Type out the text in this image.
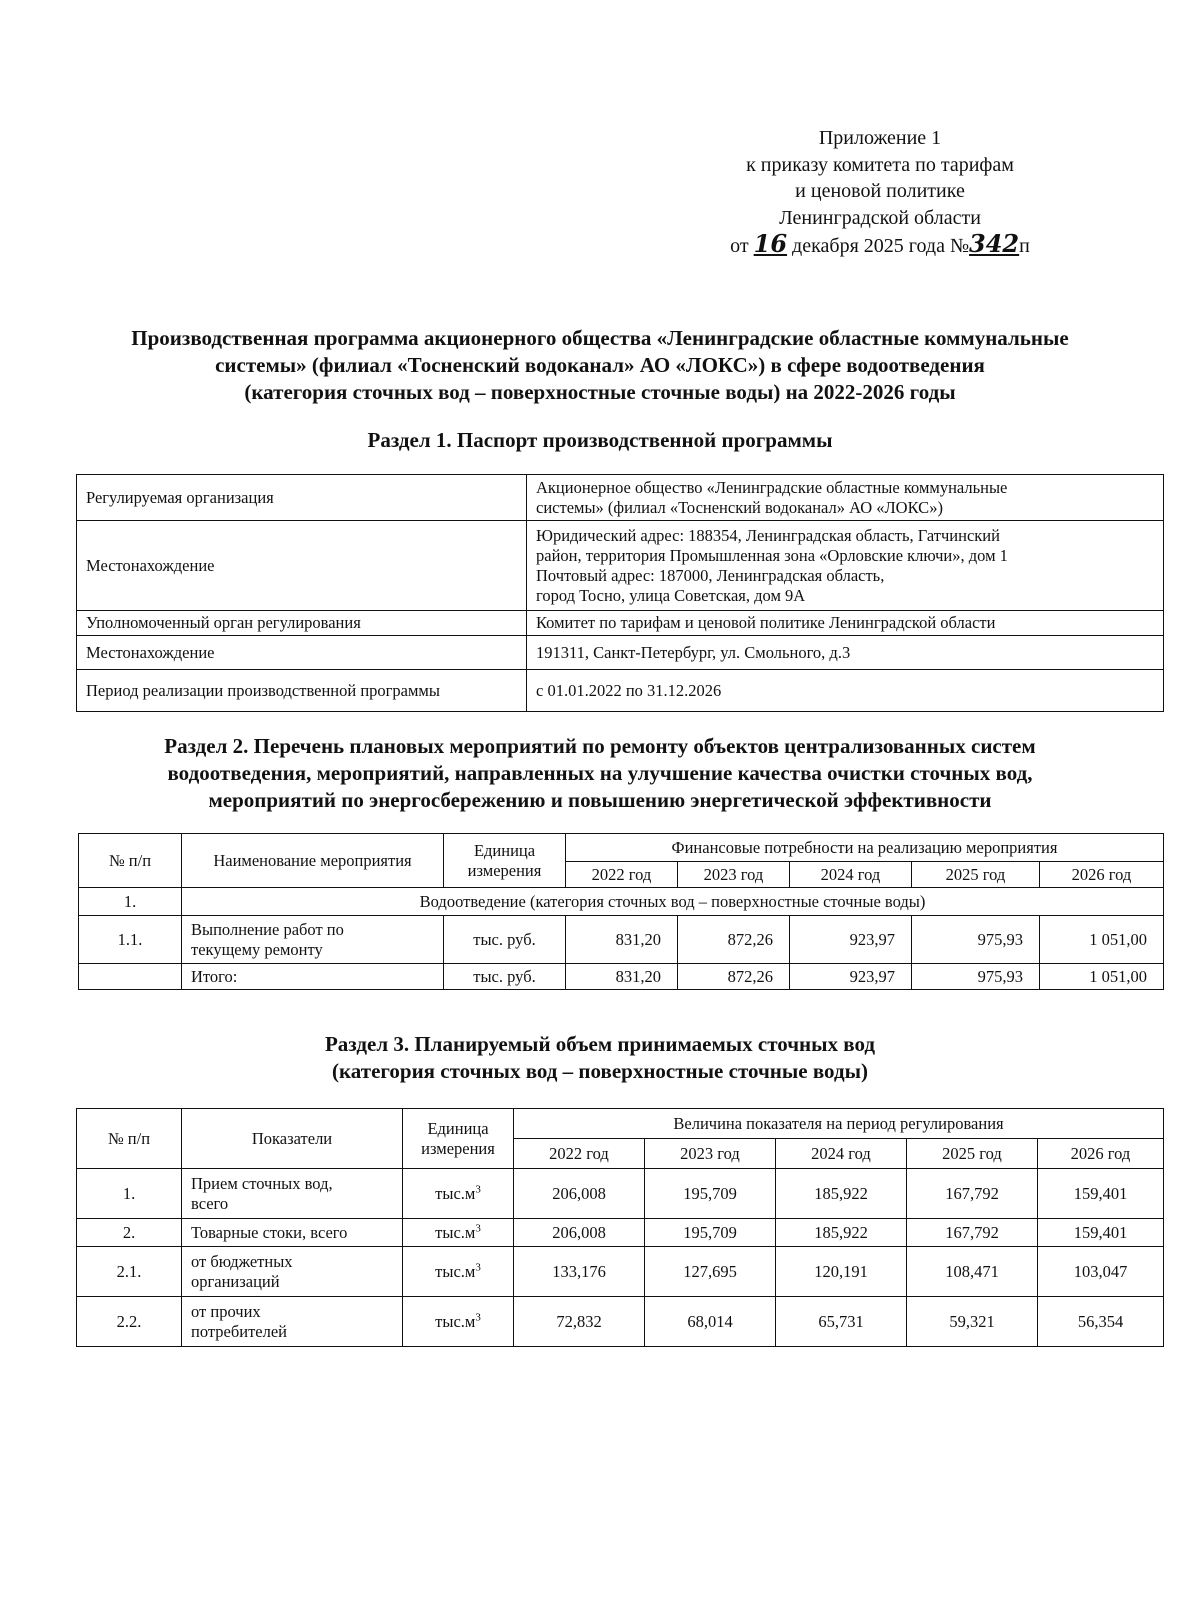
Приложение 1
к приказу комитета по тарифам
и ценовой политике
Ленинградской области
от 16 декабря 2025 года №342п
Производственная программа акционерного общества «Ленинградские областные коммунальные
системы» (филиал «Тосненский водоканал» АО «ЛОКС») в сфере водоотведения
(категория сточных вод – поверхностные сточные воды) на 2022-2026 годы
Раздел 1. Паспорт производственной программы
Регулируемая организация	Акционерное общество «Ленинградские областные коммунальные
системы» (филиал «Тосненский водоканал» АО «ЛОКС»)

Местонахождение	Юридический адрес: 188354, Ленинградская область, Гатчинский
район, территория Промышленная зона «Орловские ключи», дом 1
Почтовый адрес: 187000, Ленинградская область,
город Тосно, улица Советская, дом 9А

Уполномоченный орган регулирования	Комитет по тарифам и ценовой политике Ленинградской области
Местонахождение	191311, Санкт-Петербург, ул. Смольного, д.3
Период реализации производственной программы	с 01.01.2022 по 31.12.2026
Раздел 2. Перечень плановых мероприятий по ремонту объектов централизованных систем
водоотведения, мероприятий, направленных на улучшение качества очистки сточных вод,
мероприятий по энергосбережению и повышению энергетической эффективности
№ п/п	Наименование мероприятия	Единица
измерения	Финансовые потребности на реализацию мероприятия				
			2022 год	2023 год	2024 год	2025 год	2026 год
1.	Водоотведение (категория сточных вод – поверхностные сточные воды)						
1.1.	Выполнение работ по
текущему ремонту	тыс. руб.	831,20	872,26	923,97	975,93	1 051,00
	Итого:	тыс. руб.	831,20	872,26	923,97	975,93	1 051,00
Раздел 3. Планируемый объем принимаемых сточных вод
(категория сточных вод – поверхностные сточные воды)
№ п/п	Показатели	Единица
измерения	Величина показателя на период регулирования				
			2022 год	2023 год	2024 год	2025 год	2026 год
1.	Прием сточных вод,
всего	$тыс.м^3$	206,008	195,709	185,922	167,792	159,401
2.	Товарные стоки, всего	$тыс.м^3$	206,008	195,709	185,922	167,792	159,401
2.1.	от бюджетных
организаций	$тыс.м^3$	133,176	127,695	120,191	108,471	103,047
2.2.	от прочих
потребителей	$тыс.м^3$	72,832	68,014	65,731	59,321	56,354
